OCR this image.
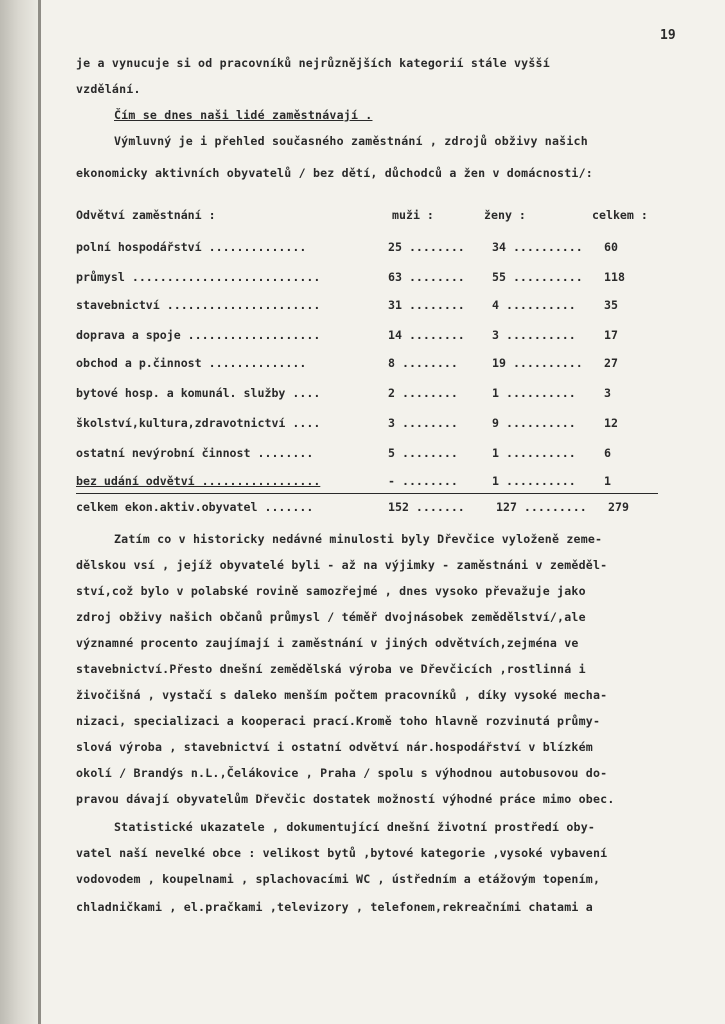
19
je a vynucuje si od pracovníků nejrůznějších kategorií stále vyšší
vzdělání.
Čím se dnes naši lidé zaměstnávají .
Výmluvný je i přehled současného zaměstnání , zdrojů obživy našich
ekonomicky aktivních obyvatelů / bez dětí, důchodců a žen v domácnosti/:
Odvětví zaměstnání :	muži :	ženy :	celkem :
polní hospodářství ..............	25 ........ 34 .......... 60
průmysl ...........................	63 ........ 55 .......... 118
stavebnictví ......................	31 ........ 4 .......... 35
doprava a spoje ...................	14 ........ 3 .......... 17
obchod a p.činnost ..............	8 ........	19 .......... 27
bytové hosp. a komunál. služby ....	2 ........	1 .......... 3
školství,kultura,zdravotnictví ....	3 ........	9 .......... 12
ostatní nevýrobní činnost ........	5 ........	1 .......... 6
bez udání odvětví .................	- ........	1 .......... 1
celkem ekon.aktiv.obyvatel .......	152 .......	127 ......... 279
Zatím co v historicky nedávné minulosti byly Dřevčice vyloženě zeme-
dělskou vsí , jejíž obyvatelé byli - až na výjimky - zaměstnáni v zeměděl-
ství,což bylo v polabské rovině samozřejmé , dnes vysoko převažuje jako
zdroj obživy našich občanů průmysl / téměř dvojnásobek zemědělství/,ale
významné procento zaujímají i zaměstnání v jiných odvětvích,zejména ve
stavebnictví.Přesto dnešní zemědělská výroba ve Dřevčicích ,rostlinná i
živočišná , vystačí s daleko menším počtem pracovníků , díky vysoké mecha-
nizaci, specializaci a kooperaci prací.Kromě toho hlavně rozvinutá průmy-
slová výroba , stavebnictví i ostatní odvětví nár.hospodářství v blízkém
okolí / Brandýs n.L.,Čelákovice , Praha / spolu s výhodnou autobusovou do-
pravou dávají obyvatelům Dřevčic dostatek možností výhodné práce mimo obec.
Statistické ukazatele , dokumentující dnešní životní prostředí oby-
vatel naší nevelké obce : velikost bytů ,bytové kategorie ,vysoké vybavení
vodovodem , koupelnami , splachovacími WC , ústředním a etážovým topením,
chladničkami , el.pračkami ,televizory , telefonem,rekreačními chatami a
